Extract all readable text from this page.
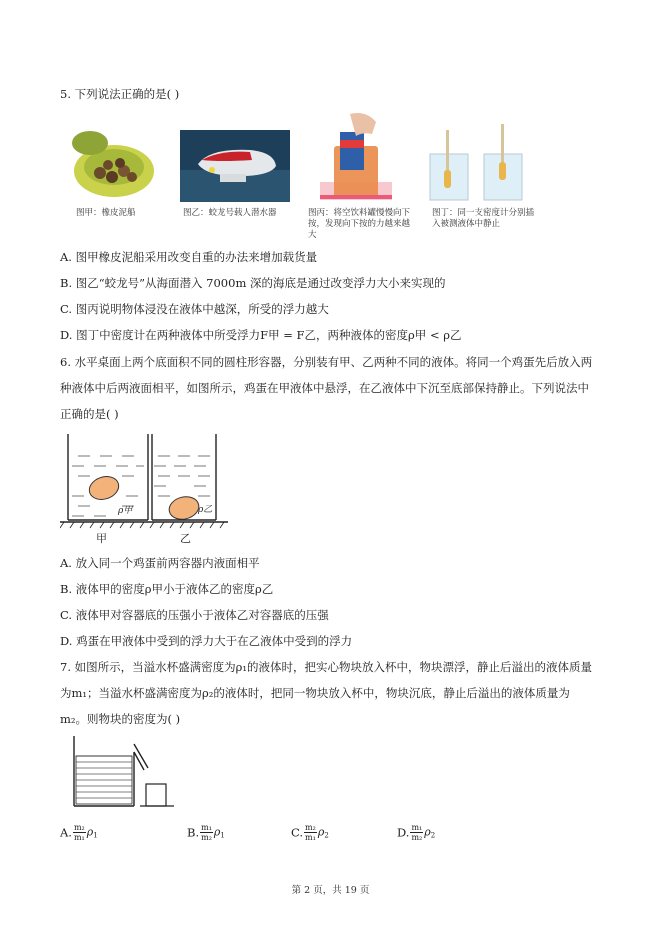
5. 下列说法正确的是( )
图甲：橡皮泥船	图乙：蛟龙号载人潜水器	图丙：将空饮料罐慢慢向下按，发现向下按的力越来越大
图丁：同一支密度计分别插入被测液体中静止
A. 图甲橡皮泥船采用改变自重的办法来增加载货量
B. 图乙“蛟龙号”从海面潜入 7000m 深的海底是通过改变浮力大小来实现的
C. 图丙说明物体浸没在液体中越深，所受的浮力越大
D. 图丁中密度计在两种液体中所受浮力F甲 = F乙，两种液体的密度ρ甲 < ρ乙
6. 水平桌面上两个底面积不同的圆柱形容器，分别装有甲、乙两种不同的液体。将同一个鸡蛋先后放入两
种液体中后两液面相平，如图所示，鸡蛋在甲液体中悬浮，在乙液体中下沉至底部保持静止。下列说法中
正确的是( )
ρ甲	ρ乙
甲	乙
A. 放入同一个鸡蛋前两容器内液面相平
B. 液体甲的密度ρ甲小于液体乙的密度ρ乙
C. 液体甲对容器底的压强小于液体乙对容器底的压强
D. 鸡蛋在甲液体中受到的浮力大于在乙液体中受到的浮力
7. 如图所示，当溢水杯盛满密度为ρ₁的液体时，把实心物块放入杯中，物块漂浮，静止后溢出的液体质量
为m₁；当溢水杯盛满密度为ρ₂的液体时，把同一物块放入杯中，物块沉底，静止后溢出的液体质量为
m₂。则物块的密度为( )
A. $\frac{\text{m₂}}{\text{m₁}} \rho_1$	B. $\frac{\text{m₁}}{\text{m₂}} \rho_1$	C. $\frac{\text{m₂}}{\text{m₁}} \rho_2$	D. $\frac{\text{m₁}}{\text{m₂}} \rho_2$
第 2 页，共 19 页
